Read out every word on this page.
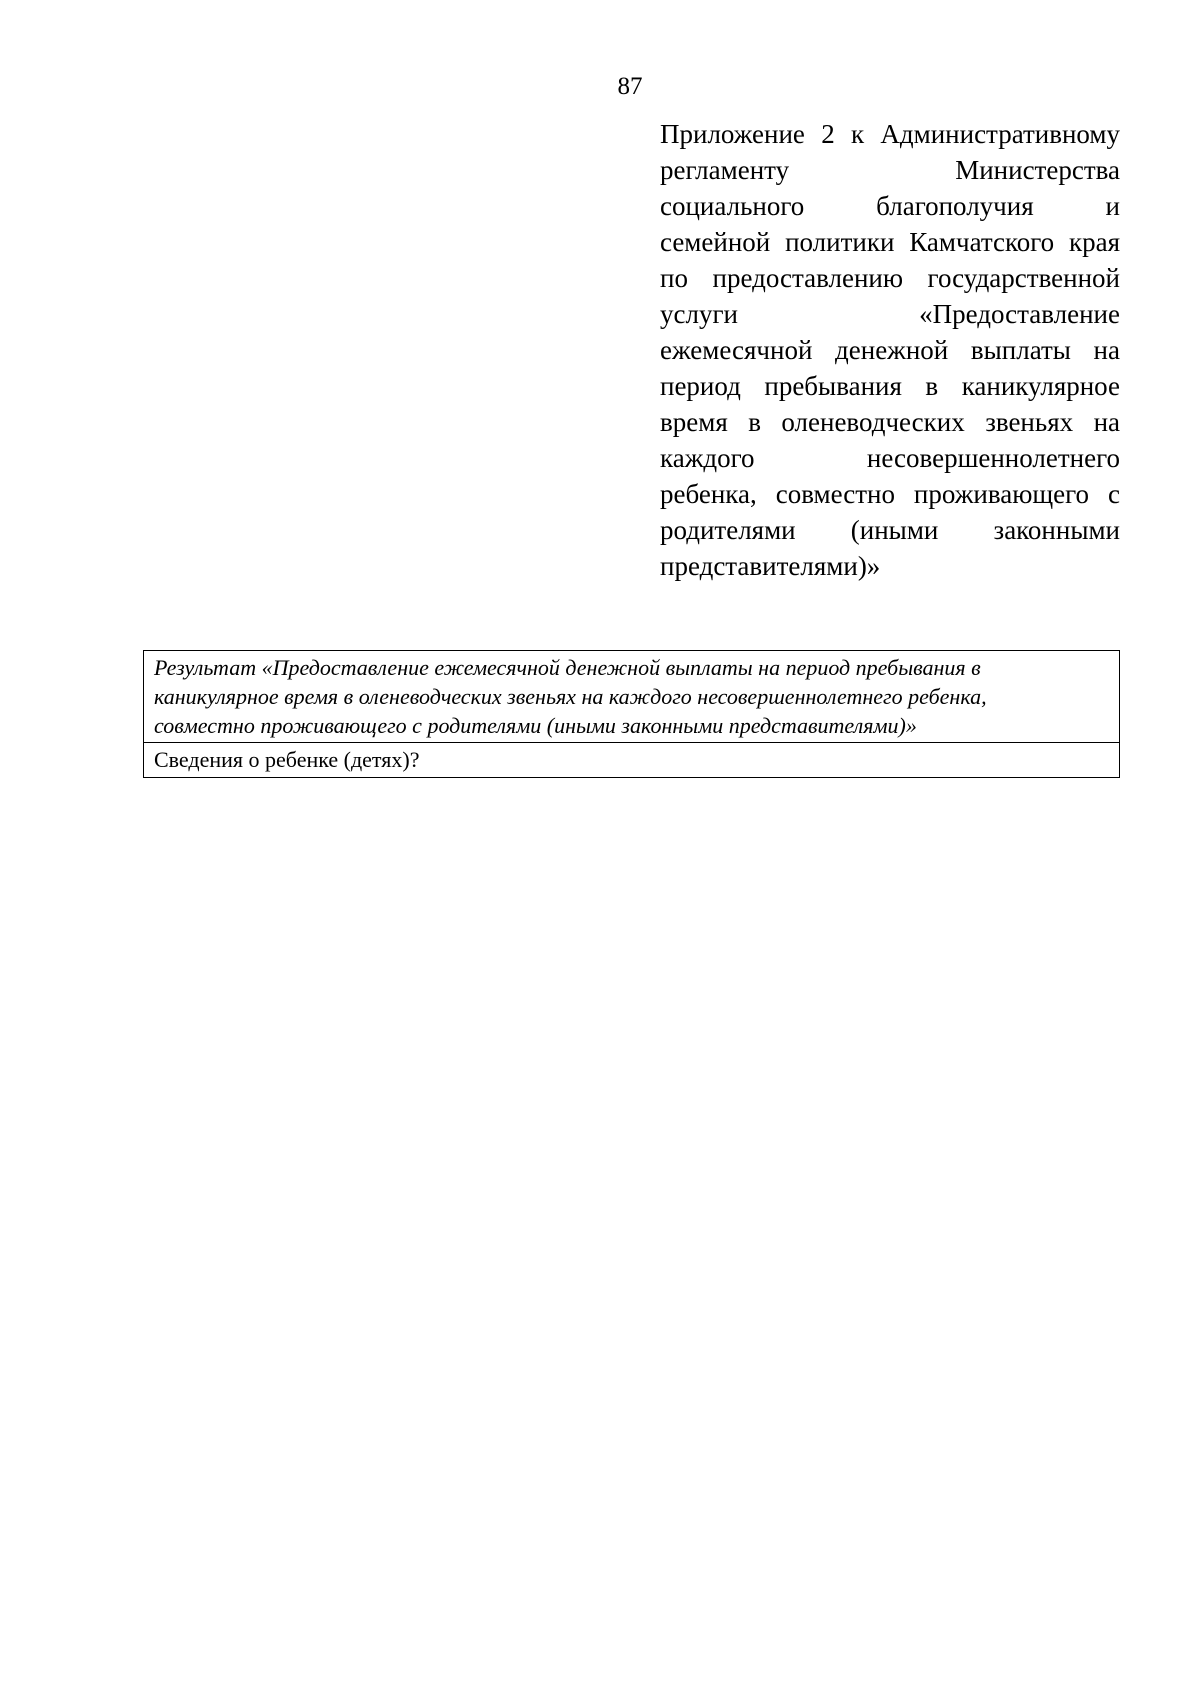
87
Приложение 2 к Административному
регламенту Министерства
социального благополучия и
семейной политики Камчатского края
по предоставлению государственной
услуги «Предоставление
ежемесячной денежной выплаты на
период пребывания в каникулярное
время в оленеводческих звеньях на
каждого несовершеннолетнего
ребенка, совместно проживающего с
родителями (иными законными
представителями)»
Результат «Предоставление ежемесячной денежной выплаты на период пребывания в
каникулярное время в оленеводческих звеньях на каждого несовершеннолетнего ребенка,
совместно проживающего с родителями (иными законными представителями)»

Сведения о ребенке (детях)?
